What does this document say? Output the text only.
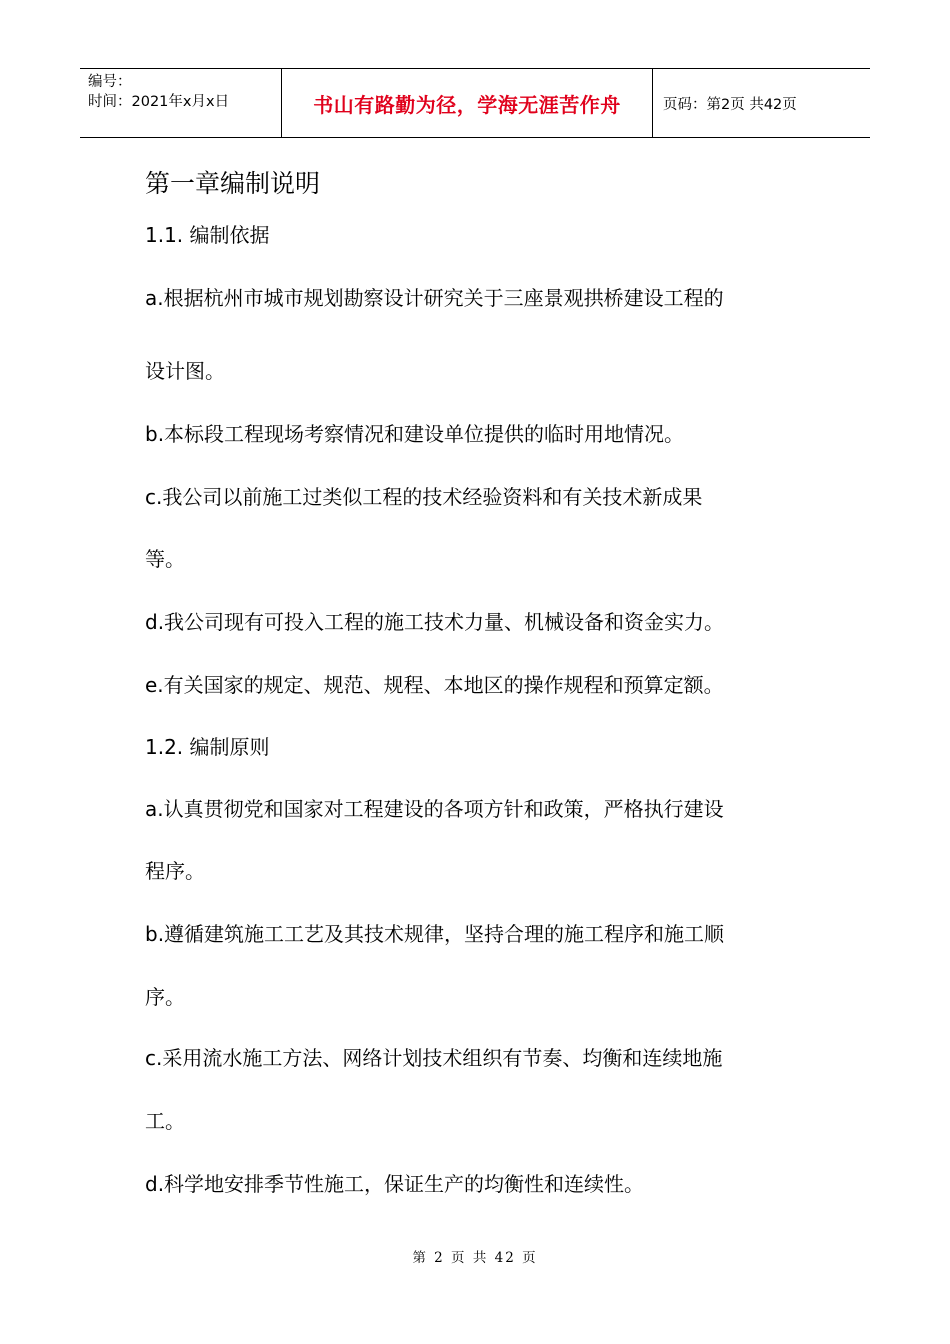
编号：
时间：2021年x月x日	书山有路勤为径，学海无涯苦作舟	页码：第2页 共42页
第一章编制说明
1.1. 编制依据
a.根据杭州市城市规划勘察设计研究关于三座景观拱桥建设工程的
设计图。
b.本标段工程现场考察情况和建设单位提供的临时用地情况。
c.我公司以前施工过类似工程的技术经验资料和有关技术新成果
等。
d.我公司现有可投入工程的施工技术力量、机械设备和资金实力。
e.有关国家的规定、规范、规程、本地区的操作规程和预算定额。
1.2. 编制原则
a.认真贯彻党和国家对工程建设的各项方针和政策，严格执行建设
程序。
b.遵循建筑施工工艺及其技术规律，坚持合理的施工程序和施工顺
序。
c.采用流水施工方法、网络计划技术组织有节奏、均衡和连续地施
工。
d.科学地安排季节性施工，保证生产的均衡性和连续性。
第 2 页 共 42 页
